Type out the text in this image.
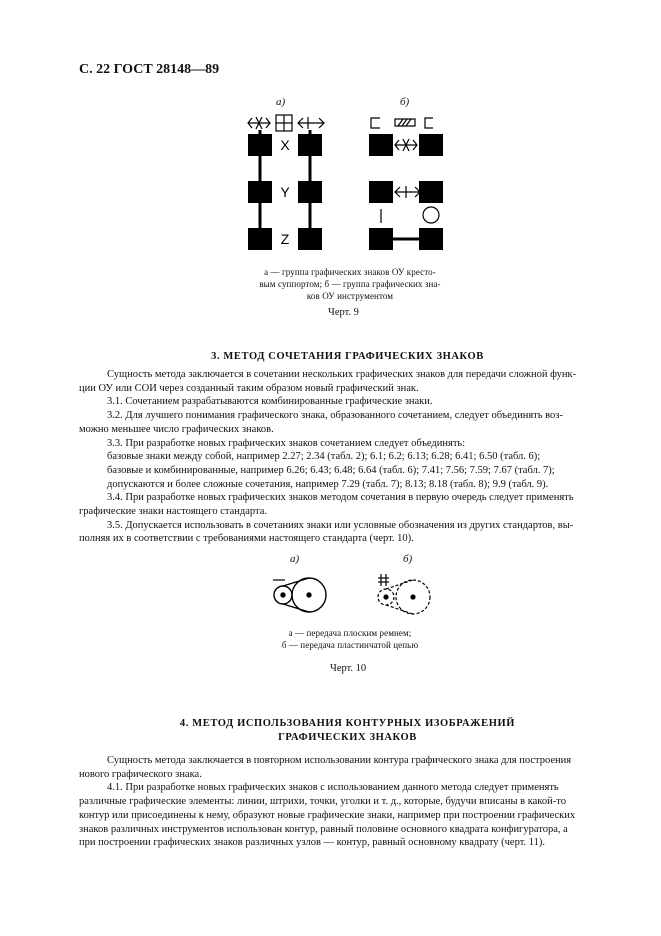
С. 22 ГОСТ 28148—89
а)	б)
X
Y
Z
а — группа графических знаков ОУ кресто-
вым суппортом; б — группа графических зна-
ков ОУ инструментом
Черт. 9
3. МЕТОД СОЧЕТАНИЯ ГРАФИЧЕСКИХ ЗНАКОВ

Сущность метода заключается в сочетании нескольких графических знаков для передачи сложной функ-

ции ОУ или СОИ через созданный таким образом новый графический знак.

3.1. Сочетанием разрабатываются комбинированные графические знаки.

3.2. Для лучшего понимания графического знака, образованного сочетанием, следует объединять воз-

можно меньшее число графических знаков.

3.3. При разработке новых графических знаков сочетанием следует объединять:

базовые знаки между собой, например 2.27; 2.34 (табл. 2); 6.1; 6.2; 6.13; 6.28; 6.41; 6.50 (табл. 6);

базовые и комбинированные, например 6.26; 6.43; 6.48; 6.64 (табл. 6); 7.41; 7.56; 7.59; 7.67 (табл. 7);

допускаются и более сложные сочетания, например 7.29 (табл. 7); 8.13; 8.18 (табл. 8); 9.9 (табл. 9).

3.4. При разработке новых графических знаков методом сочетания в первую очередь следует применять

графические знаки настоящего стандарта.

3.5. Допускается использовать в сочетаниях знаки или условные обозначения из других стандартов, вы-

полняя их в соответствии с требованиями настоящего стандарта (черт. 10).

а)	б)
а — передача плоским ремнем;
б — передача пластинчатой цепью
Черт. 10
4. МЕТОД ИСПОЛЬЗОВАНИЯ КОНТУРНЫХ ИЗОБРАЖЕНИЙ
ГРАФИЧЕСКИХ ЗНАКОВ

Сущность метода заключается в повторном использовании контура графического знака для построения

нового графического знака.

4.1. При разработке новых графических знаков с использованием данного метода следует применять

различные графические элементы: линии, штрихи, точки, уголки и т. д., которые, будучи вписаны в какой-то

контур или присоединены к нему, образуют новые графические знаки, например при построении графических

знаков различных инструментов использован контур, равный половине основного квадрата конфигуратора, а

при построении графических знаков различных узлов — контур, равный основному квадрату (черт. 11).
